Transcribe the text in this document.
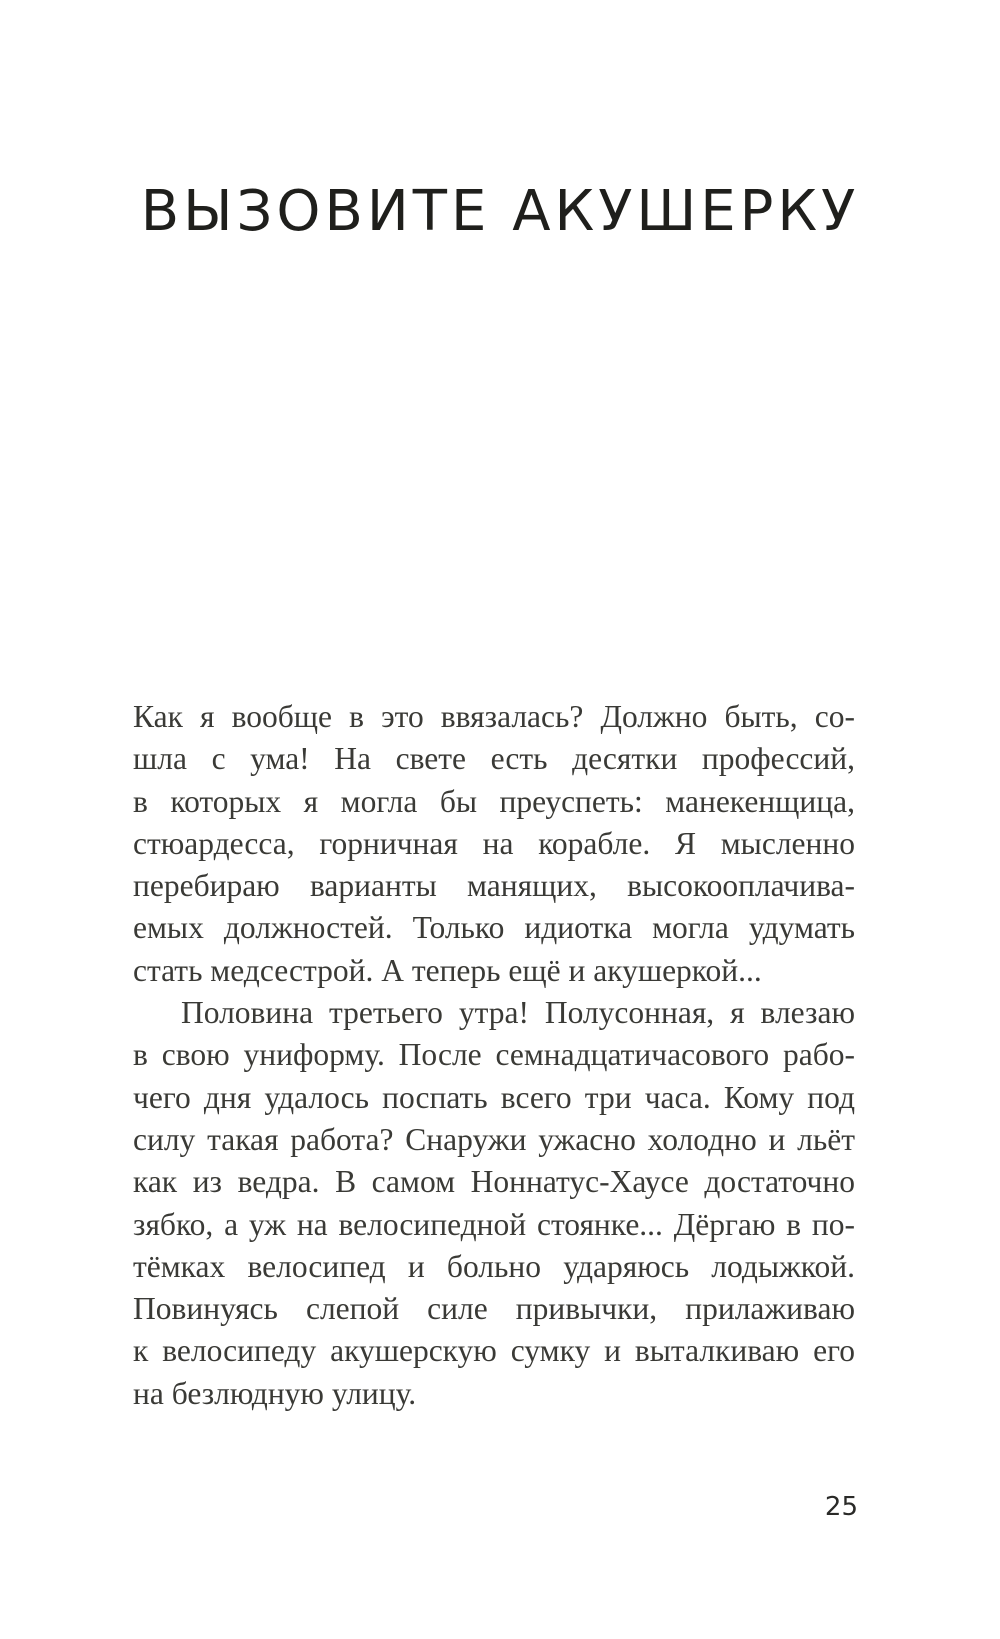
ВЫЗОВИТЕ АКУШЕРКУ
Как я вообще в это ввязалась? Должно быть, со-
шла с ума! На свете есть десятки профессий,
в которых я могла бы преуспеть: манекенщица,
стюардесса, горничная на корабле. Я мысленно
перебираю варианты манящих, высокооплачива-
емых должностей. Только идиотка могла удумать
стать медсестрой. А теперь ещё и акушеркой...
Половина третьего утра! Полусонная, я влезаю
в свою униформу. После семнадцатичасового рабо-
чего дня удалось поспать всего три часа. Кому под
силу такая работа? Снаружи ужасно холодно и льёт
как из ведра. В самом Ноннатус-Хаусе достаточно
зябко, а уж на велосипедной стоянке... Дёргаю в по-
тёмках велосипед и больно ударяюсь лодыжкой.
Повинуясь слепой силе привычки, прилаживаю
к велосипеду акушерскую сумку и выталкиваю его
на безлюдную улицу.
25
